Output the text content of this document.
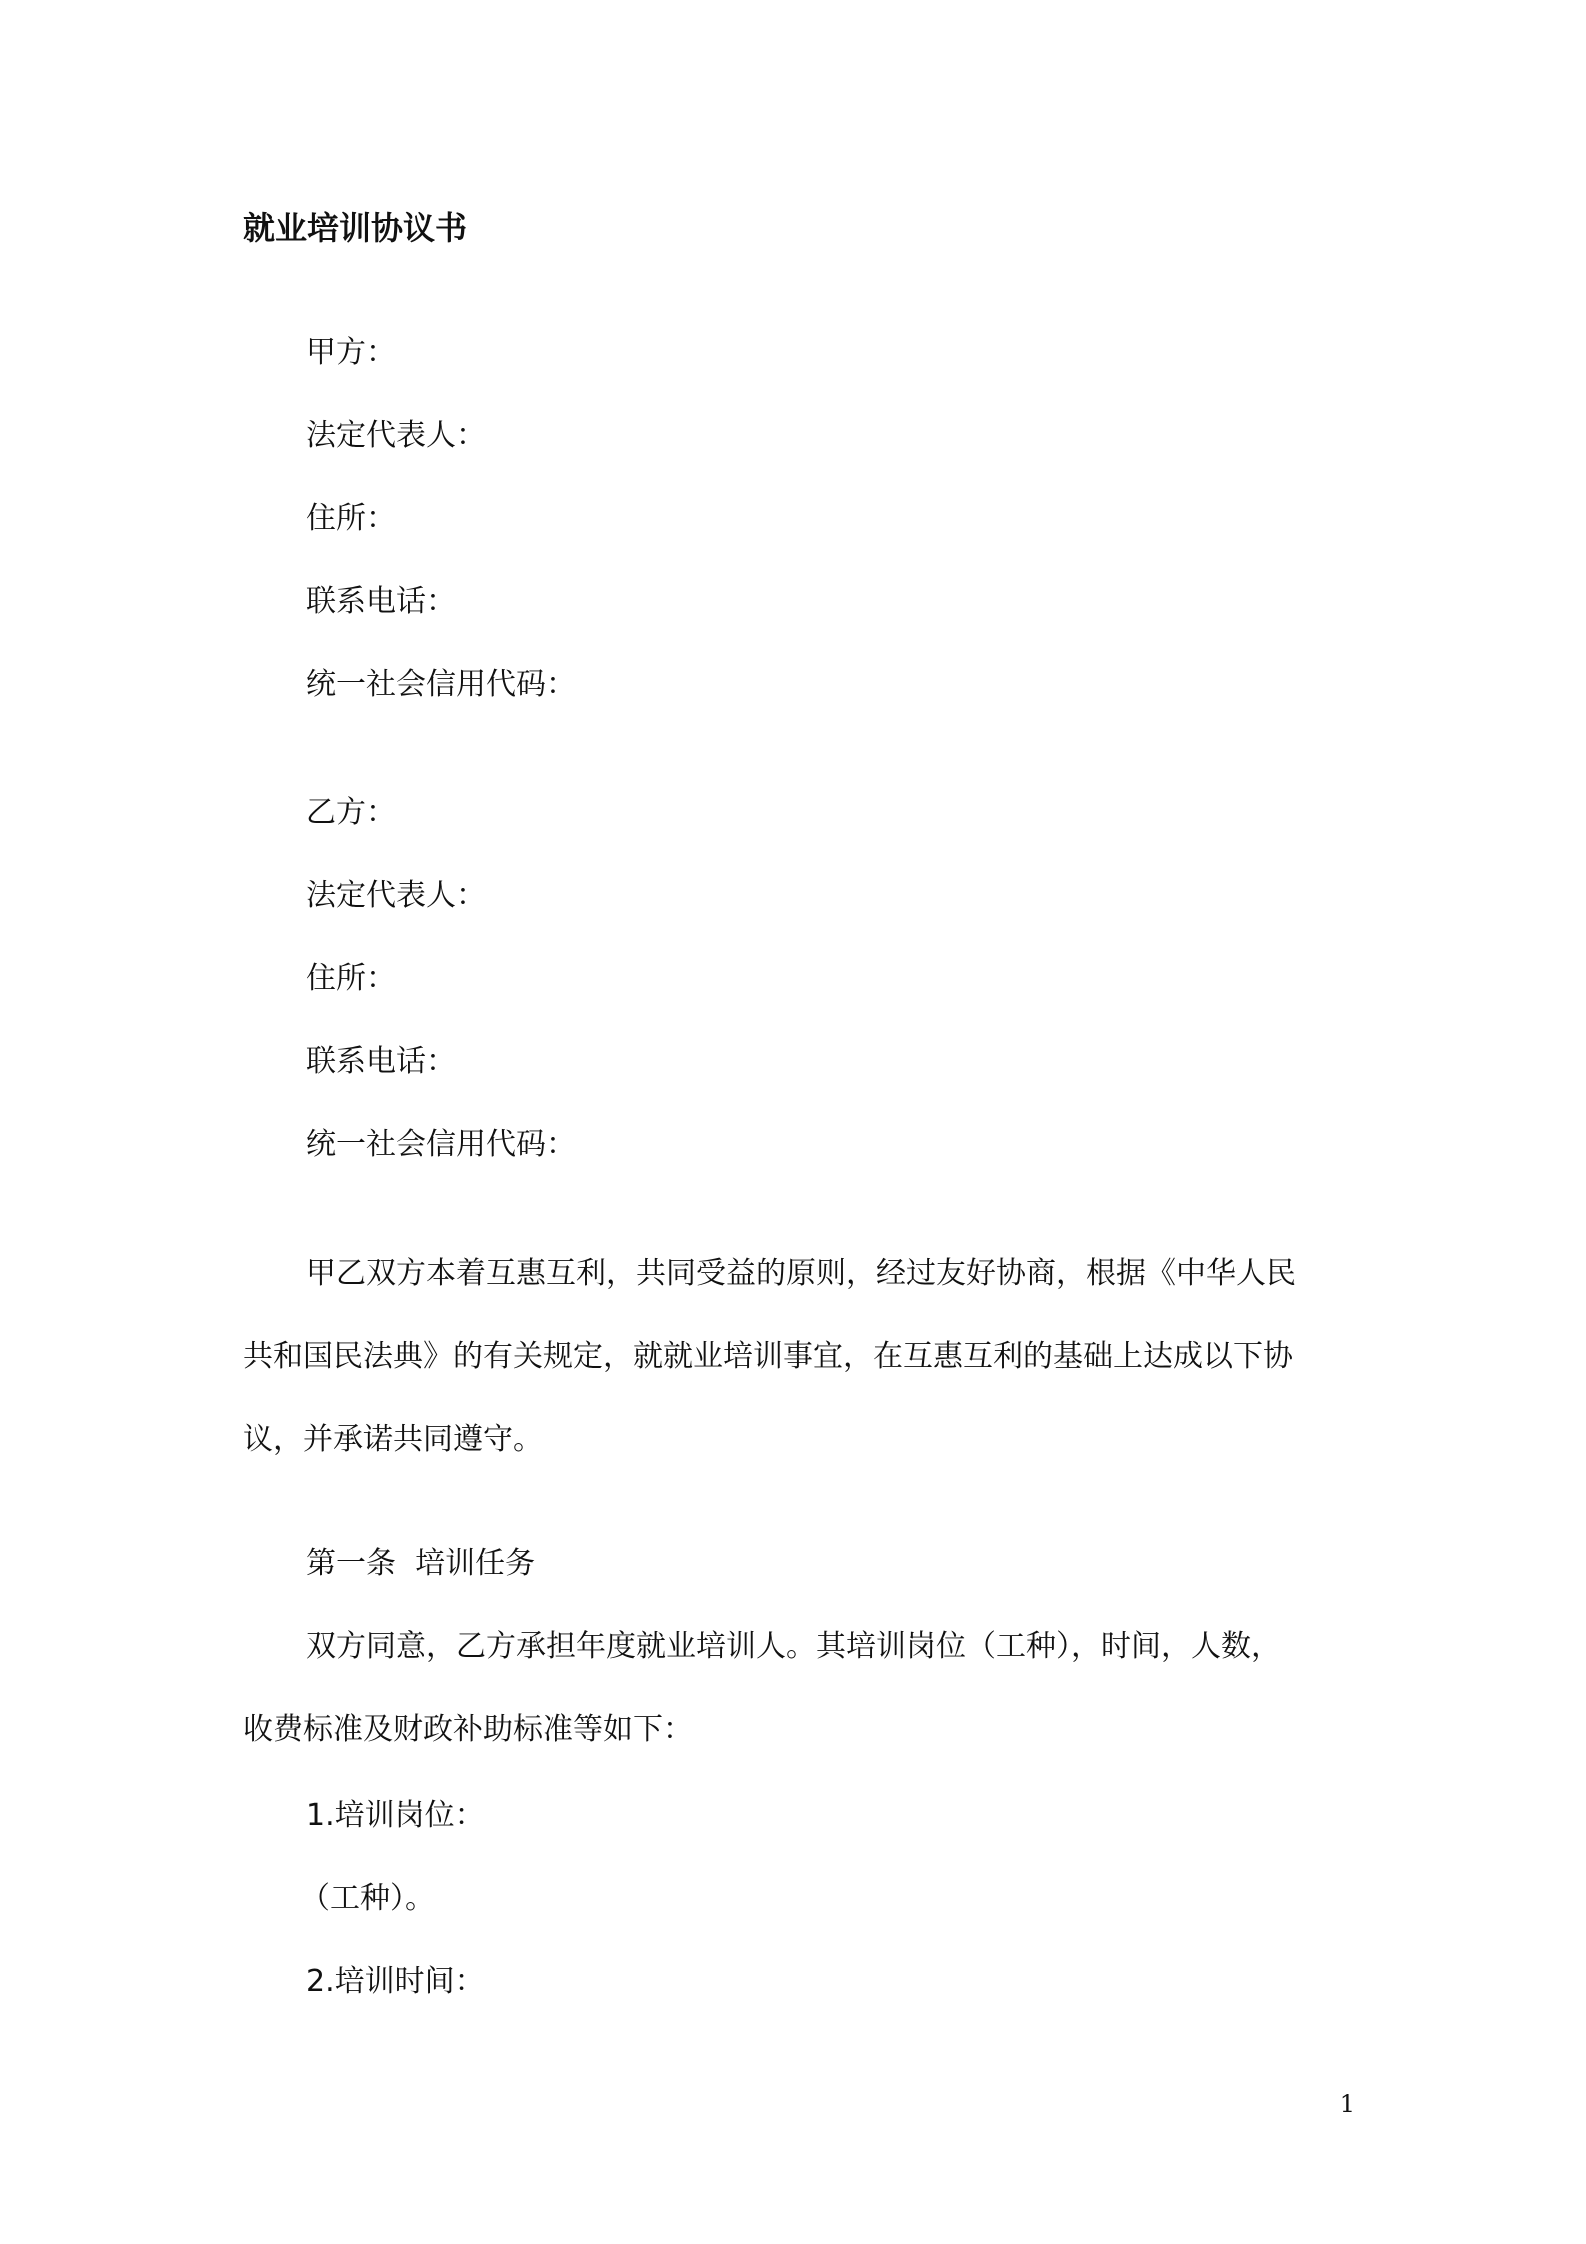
就业培训协议书
甲方：
法定代表人：
住所：
联系电话：
统一社会信用代码：
乙方：
法定代表人：
住所：
联系电话：
统一社会信用代码：
甲乙双方本着互惠互利，共同受益的原则，经过友好协商，根据《中华人民
共和国民法典》的有关规定，就就业培训事宜，在互惠互利的基础上达成以下协
议，并承诺共同遵守。
第一条  培训任务
双方同意，乙方承担年度就业培训人。其培训岗位（工种），时间，人数，
收费标准及财政补助标准等如下：
1.培训岗位：
（工种）。
2.培训时间：
1
